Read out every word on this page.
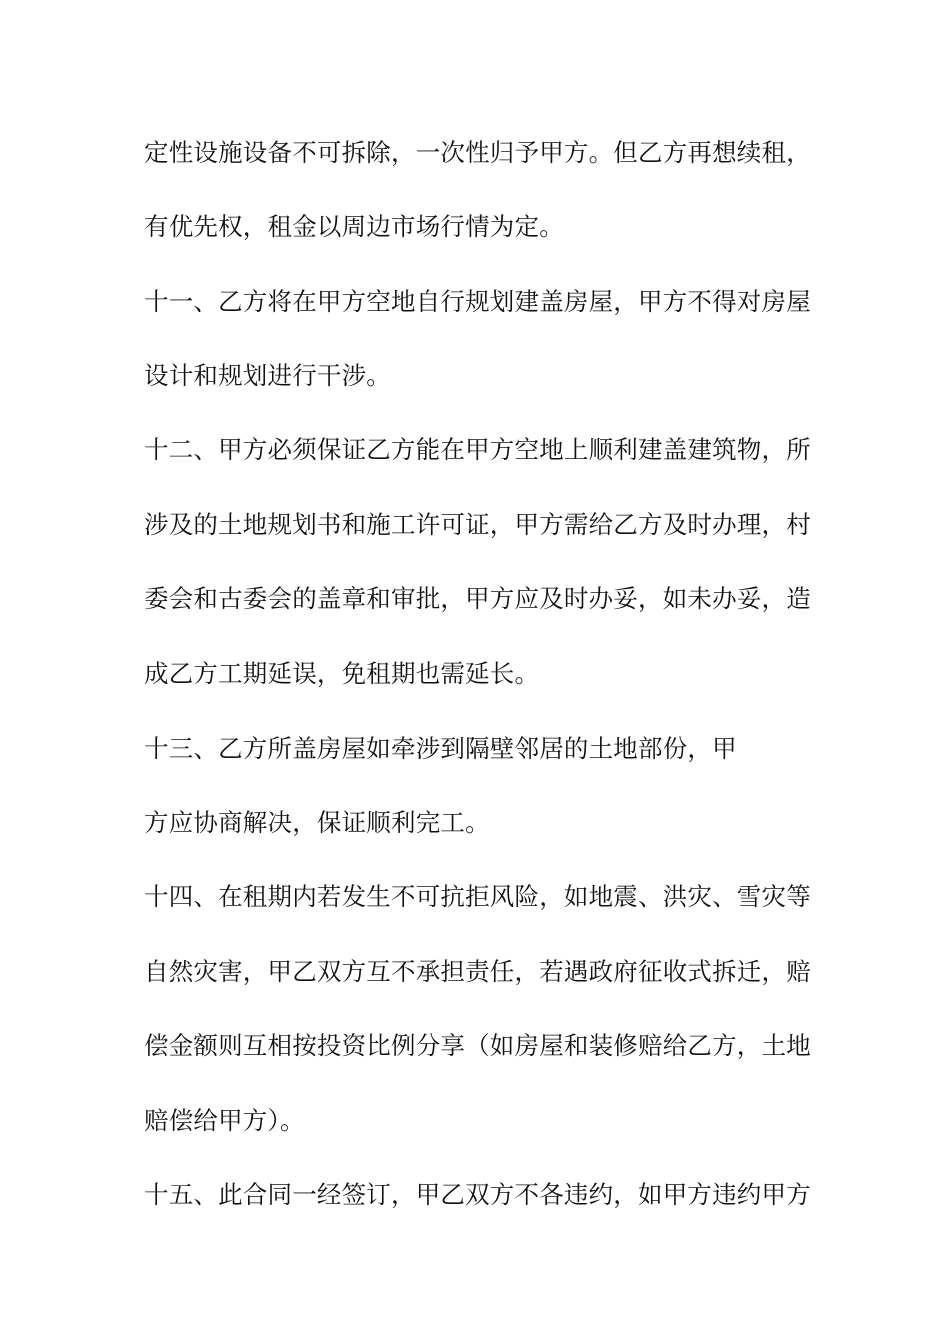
定性设施设备不可拆除，一次性归予甲方。但乙方再想续租，
有优先权，租金以周边市场行情为定。
十一、乙方将在甲方空地自行规划建盖房屋，甲方不得对房屋
设计和规划进行干涉。
十二、甲方必须保证乙方能在甲方空地上顺利建盖建筑物，所
涉及的土地规划书和施工许可证，甲方需给乙方及时办理，村
委会和古委会的盖章和审批，甲方应及时办妥，如未办妥，造
成乙方工期延误，免租期也需延长。
十三、乙方所盖房屋如牵涉到隔壁邻居的土地部份，甲
方应协商解决，保证顺利完工。
十四、在租期内若发生不可抗拒风险，如地震、洪灾、雪灾等
自然灾害，甲乙双方互不承担责任，若遇政府征收式拆迁，赔
偿金额则互相按投资比例分享（如房屋和装修赔给乙方，土地
赔偿给甲方）。
十五、此合同一经签订，甲乙双方不各违约，如甲方违约甲方
